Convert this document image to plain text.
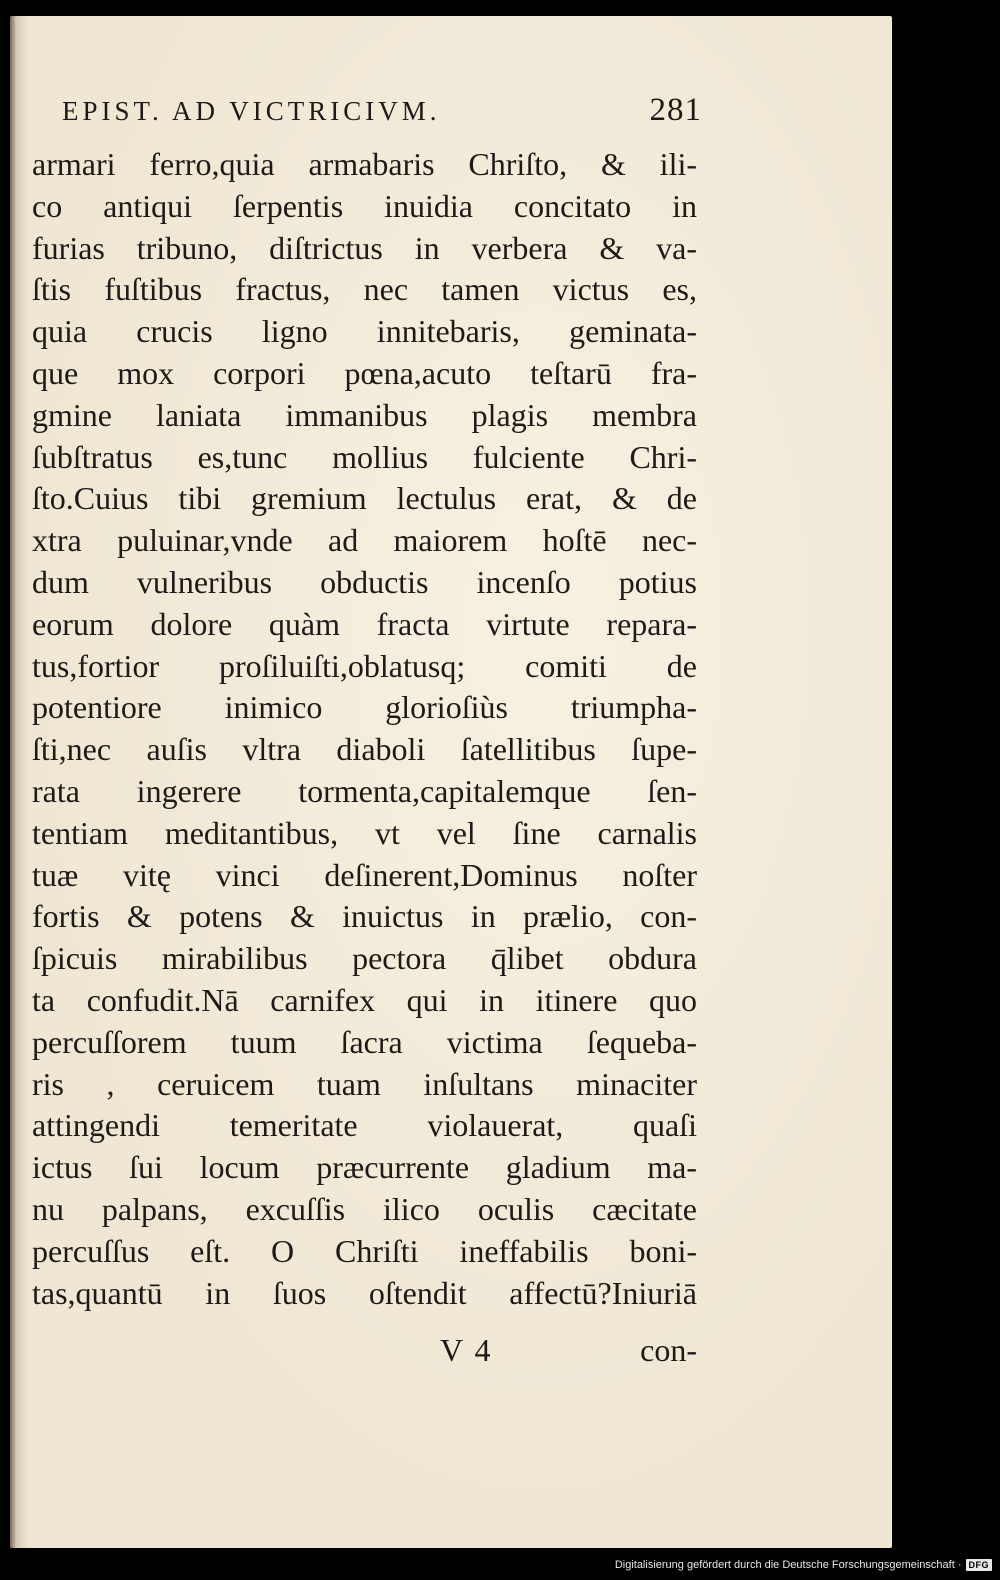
EPIST. AD VICTRICIVM.	281
armari ferro,quia armabaris Chriſto, & ili-
co antiqui ſerpentis inuidia concitato in
furias tribuno, diſtrictus in verbera & va-
ſtis fuſtibus fractus, nec tamen victus es,
quia crucis ligno innitebaris, geminata-
que mox corpori pœna,acuto teſtarū fra-
gmine laniata immanibus plagis membra
ſubſtratus es,tunc mollius fulciente Chri-
ſto.Cuius tibi gremium lectulus erat, & de
xtra puluinar,vnde ad maiorem hoſtē nec-
dum vulneribus obductis incenſo potius
eorum dolore quàm fracta virtute repara-
tus,fortior proſiluiſti,oblatusq; comiti de
potentiore inimico glorioſiùs triumpha-
ſti,nec auſis vltra diaboli ſatellitibus ſupe-
rata ingerere tormenta,capitalemque ſen-
tentiam meditantibus, vt vel ſine carnalis
tuæ vitę vinci deſinerent,Dominus noſter
fortis & potens & inuictus in prælio, con-
ſpicuis mirabilibus pectora q̄libet obdura
ta confudit.Nā carnifex qui in itinere quo
percuſſorem tuum ſacra victima ſequeba-
ris , ceruicem tuam inſultans minaciter
attingendi temeritate violauerat, quaſi
ictus ſui locum præcurrente gladium ma-
nu palpans, excuſſis ilico oculis cæcitate
percuſſus eſt. O Chriſti ineffabilis boni-
tas,quantū in ſuos oſtendit affectū?Iniuriā
V 4	con-
Digitalisierung gefördert durch die Deutsche Forschungsgemeinschaft · DFG
